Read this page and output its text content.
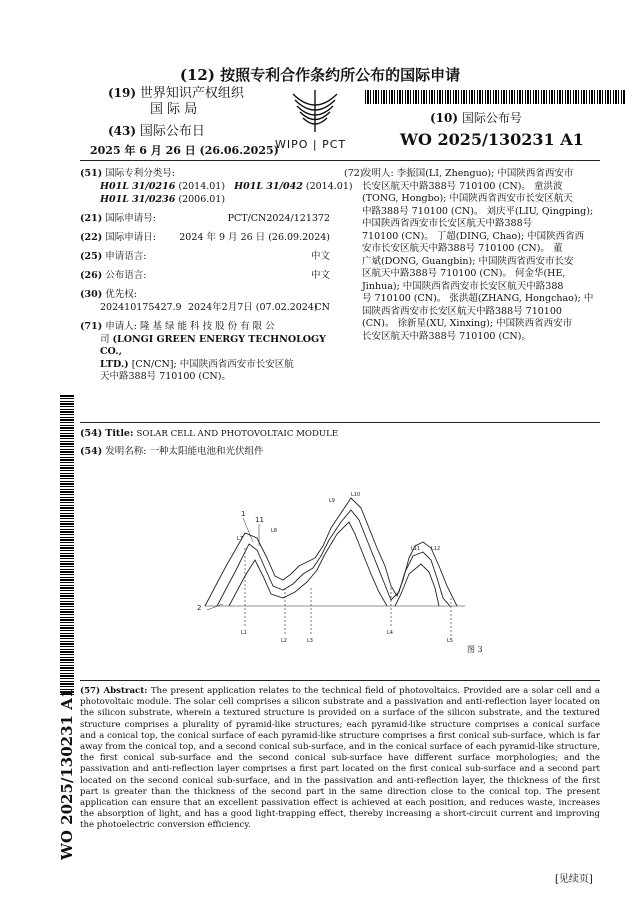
(12) 按照专利合作条约所公布的国际申请
(19) 世界知识产权组织
国 际 局
(43) 国际公布日
2025 年 6 月 26 日 (26.06.2025)
WIPO | PCT
(10) 国际公布号
WO 2025/130231 A1
(51) 国际专利分类号:
H01L 31/0216 (2014.01) H01L 31/042 (2014.01)
H01L 31/0236 (2006.01)
(21) 国际申请号:	PCT/CN2024/121372
(22) 国际申请日: 2024 年 9 月 26 日 (26.09.2024)
(25) 申请语言:	中文
(26) 公布语言:	中文
(30) 优先权:
202410175427.9 2024年2月7日 (07.02.2024)
CN
(71) 申请人: 隆 基 绿 能 科 技 股 份 有 限 公
司 (LONGI GREEN ENERGY TECHNOLOGY CO.,
LTD.) [CN/CN]; 中国陕西省西安市长安区航
天中路388号 710100 (CN)。
(72)
发明人: 李振国(LI, Zhenguo); 中国陕西省西安市
长安区航天中路388号 710100 (CN)。 童洪波
(TONG, Hongbo); 中国陕西省西安市长安区航天
中路388号 710100 (CN)。 刘庆平(LIU, Qingping);
中国陕西省西安市长安区航天中路388号
710100 (CN)。 丁超(DING, Chao); 中国陕西省西
安市长安区航天中路388号 710100 (CN)。 董
广斌(DONG, Guangbin); 中国陕西省西安市长安
区航天中路388号 710100 (CN)。 何金华(HE,
Jinhua); 中国陕西省西安市长安区航天中路388
号 710100 (CN)。 张洪超(ZHANG, Hongchao); 中
国陕西省西安市长安区航天中路388号 710100
(CN)。 徐新星(XU, Xinxing); 中国陕西省西安市
长安区航天中路388号 710100 (CN)。
(54) Title: SOLAR CELL AND PHOTOVOLTAIC MODULE
(54) 发明名称: 一种太阳能电池和光伏组件
1
11
L7
L8
2
L9
L10
L11 L12
L1
L2	L3
L4
L5
图 3
(57) Abstract: The present application relates to the technical field of photovoltaics. Provided are a solar cell and a photovoltaic module. The solar cell comprises a silicon substrate and a passivation and anti-reflection layer located on the silicon substrate, wherein a textured structure is provided on a surface of the silicon substrate, and the textured structure comprises a plurality of pyramid-like structures; each pyramid-like structure comprises a conical surface and a conical top, the conical surface of each pyramid-like structure comprises a first conical sub-surface, which is far away from the conical top, and a second conical sub-surface, and in the conical surface of each pyramid-like structure, the first conical sub-surface and the second conical sub-surface have different surface morphologies; and the passivation and anti-reflection layer comprises a first part located on the first conical sub-surface and a second part located on the second conical sub-surface, and in the passivation and anti-reflection layer, the thickness of the first part is greater than the thickness of the second part in the same direction close to the conical top. The present application can ensure that an excellent passivation effect is achieved at each position, and reduces waste, increases the absorption of light, and has a good light-trapping effect, thereby increasing a short-circuit current and improving the photoelectric conversion efficiency.
WO 2025/130231 A1
[见续页]
